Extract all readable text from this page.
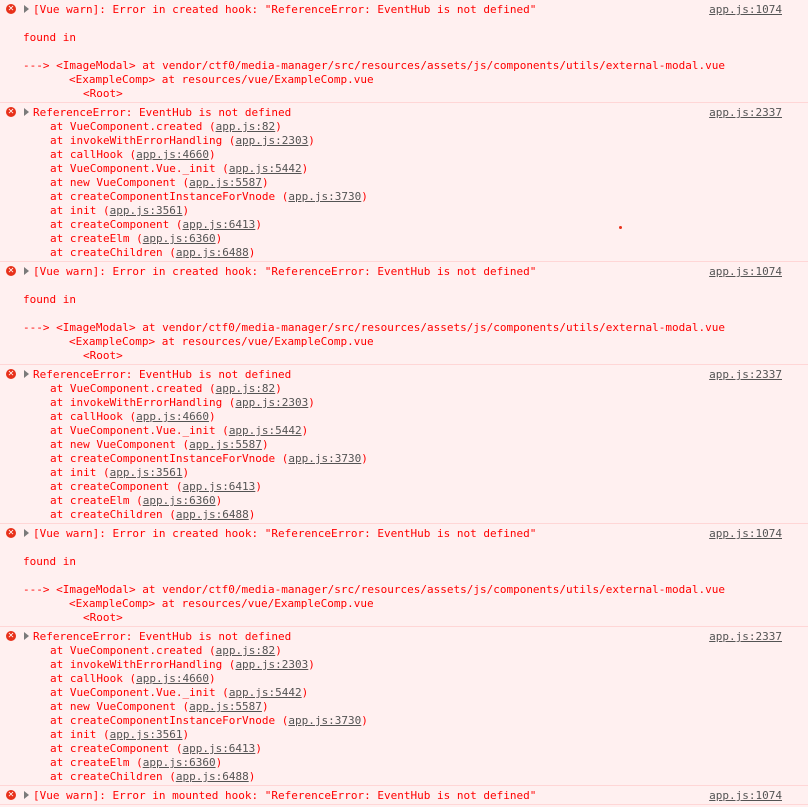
✕	[Vue warn]: Error in created hook: "ReferenceError: EventHub is not defined"	app.js:1074
found in
---> <ImageModal> at vendor/ctf0/media-manager/src/resources/assets/js/components/utils/external-modal.vue
<ExampleComp> at resources/vue/ExampleComp.vue
<Root>
✕	ReferenceError: EventHub is not defined	app.js:2337
at VueComponent.created (app.js:82)
at invokeWithErrorHandling (app.js:2303)
at callHook (app.js:4660)
at VueComponent.Vue._init (app.js:5442)
at new VueComponent (app.js:5587)
at createComponentInstanceForVnode (app.js:3730)
at init (app.js:3561)
at createComponent (app.js:6413)
at createElm (app.js:6360)
at createChildren (app.js:6488)
✕	[Vue warn]: Error in created hook: "ReferenceError: EventHub is not defined"	app.js:1074
found in
---> <ImageModal> at vendor/ctf0/media-manager/src/resources/assets/js/components/utils/external-modal.vue
<ExampleComp> at resources/vue/ExampleComp.vue
<Root>
✕	ReferenceError: EventHub is not defined	app.js:2337
at VueComponent.created (app.js:82)
at invokeWithErrorHandling (app.js:2303)
at callHook (app.js:4660)
at VueComponent.Vue._init (app.js:5442)
at new VueComponent (app.js:5587)
at createComponentInstanceForVnode (app.js:3730)
at init (app.js:3561)
at createComponent (app.js:6413)
at createElm (app.js:6360)
at createChildren (app.js:6488)
✕	[Vue warn]: Error in created hook: "ReferenceError: EventHub is not defined"	app.js:1074
found in
---> <ImageModal> at vendor/ctf0/media-manager/src/resources/assets/js/components/utils/external-modal.vue
<ExampleComp> at resources/vue/ExampleComp.vue
<Root>
✕	ReferenceError: EventHub is not defined	app.js:2337
at VueComponent.created (app.js:82)
at invokeWithErrorHandling (app.js:2303)
at callHook (app.js:4660)
at VueComponent.Vue._init (app.js:5442)
at new VueComponent (app.js:5587)
at createComponentInstanceForVnode (app.js:3730)
at init (app.js:3561)
at createComponent (app.js:6413)
at createElm (app.js:6360)
at createChildren (app.js:6488)
✕	[Vue warn]: Error in mounted hook: "ReferenceError: EventHub is not defined"	app.js:1074
